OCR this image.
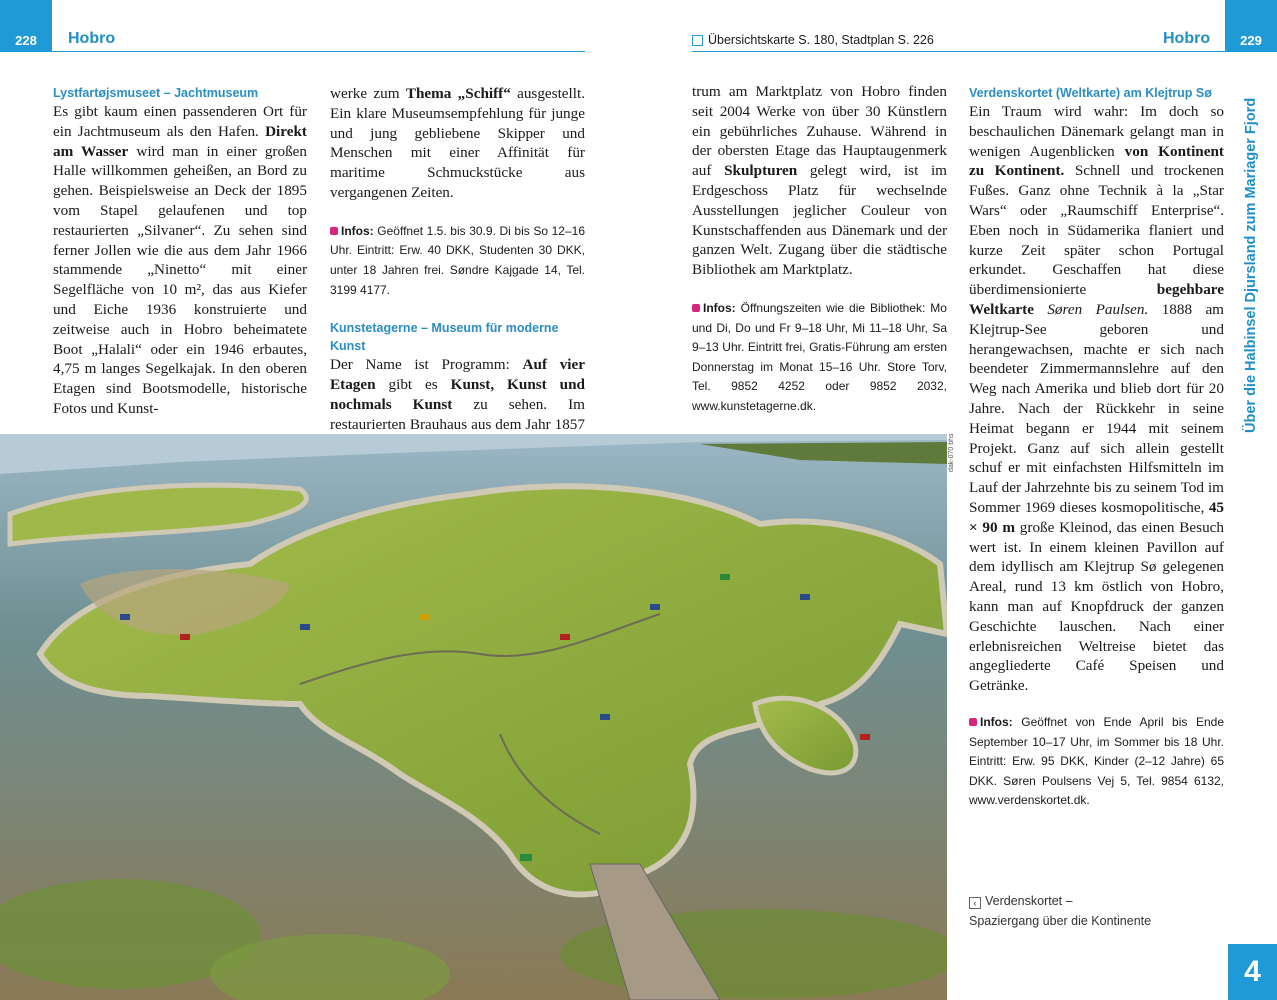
228 Hobro	Übersichtskarte S. 180, Stadtplan S. 226	Hobro 229

Lystfartøjsmuseet – Jachtmuseum

Es gibt kaum einen passenderen Ort für ein Jachtmuseum als den Hafen. Direkt am Wasser wird man in einer großen Halle willkommen geheißen, an Bord zu gehen. Beispielsweise an Deck der 1895 vom Stapel gelaufenen und top restaurierten „Silvaner“. Zu sehen sind ferner Jollen wie die aus dem Jahr 1966 stammende „Ninetto“ mit einer Segelfläche von 10 m², das aus Kiefer und Eiche 1936 konstruierte und zeitweise auch in Hobro beheimatete Boot „Halali“ oder ein 1946 erbautes, 4,75 m langes Segelkajak. In den oberen Etagen sind Bootsmodelle, historische Fotos und Kunst-

werke zum Thema „Schiff“ ausgestellt. Ein klare Museumsempfehlung für junge und jung gebliebene Skipper und Menschen mit einer Affinität für maritime Schmuckstücke aus vergangenen Zeiten.

Infos: Geöffnet 1.5. bis 30.9. Di bis So 12–16 Uhr. Eintritt: Erw. 40 DKK, Studenten 30 DKK, unter 18 Jahren frei. Søndre Kajgade 14, Tel. 3199 4177.

Kunstetagerne – Museum für moderne Kunst

Der Name ist Programm: Auf vier Etagen gibt es Kunst, Kunst und nochmals Kunst zu sehen. Im restaurierten Brauhaus aus dem Jahr 1857

trum am Marktplatz von Hobro finden seit 2004 Werke von über 30 Künstlern ein gebührliches Zuhause. Während in der obersten Etage das Hauptaugenmerk auf Skulpturen gelegt wird, ist im Erdgeschoss Platz für wechselnde Ausstellungen jeglicher Couleur von Kunstschaffenden aus Dänemark und der ganzen Welt. Zugang über die städtische Bibliothek am Marktplatz.

Infos: Öffnungszeiten wie die Bibliothek: Mo und Di, Do und Fr 9–18 Uhr, Mi 11–18 Uhr, Sa 9–13 Uhr. Eintritt frei, Gratis-Führung am ersten Donnerstag im Monat 15–16 Uhr. Store Torv, Tel. 9852 4252 oder 9852 2032, www.kunstetagerne.dk.

Verdenskortet (Weltkarte) am Klejtrup Sø

Ein Traum wird wahr: Im doch so beschaulichen Dänemark gelangt man in wenigen Augenblicken von Kontinent zu Kontinent. Schnell und trockenen Fußes. Ganz ohne Technik à la „Star Wars“ oder „Raumschiff Enterprise“. Eben noch in Südamerika flaniert und kurze Zeit später schon Portugal erkundet. Geschaffen hat diese überdimensionierte	begehbare Weltkarte Søren Paulsen. 1888 am Klejtrup-See geboren und herangewachsen, machte er sich nach beendeter Zimmermannslehre auf den Weg nach Amerika und blieb dort für 20 Jahre. Nach der Rückkehr in seine Heimat begann er 1944 mit seinem Projekt. Ganz auf sich allein gestellt schuf er mit einfachsten Hilfsmitteln im Lauf der Jahrzehnte bis zu seinem Tod im Sommer 1969 dieses kosmopolitische, 45 × 90 m große Kleinod, das einen Besuch wert ist. In einem kleinen Pavillon auf dem idyllisch am Klejtrup Sø gelegenen Areal, rund 13 km östlich von Hobro, kann man auf Knopfdruck der ganzen Geschichte lauschen. Nach einer erlebnisreichen Weltreise bietet das angegliederte Café Speisen und Getränke.

Infos: Geöffnet von Ende April bis Ende September 10–17 Uhr, im Sommer bis 18 Uhr. Eintritt: Erw. 95 DKK, Kinder (2–12 Jahre) 65 DKK. Søren Poulsens Vej 5, Tel. 9854 6132, www.verdenskortet.dk.

dak-070 bhs
Über die Halbinsel Djursland zum Mariager Fjord
4
‹ Verdenskortet –
Spaziergang über die Kontinente
